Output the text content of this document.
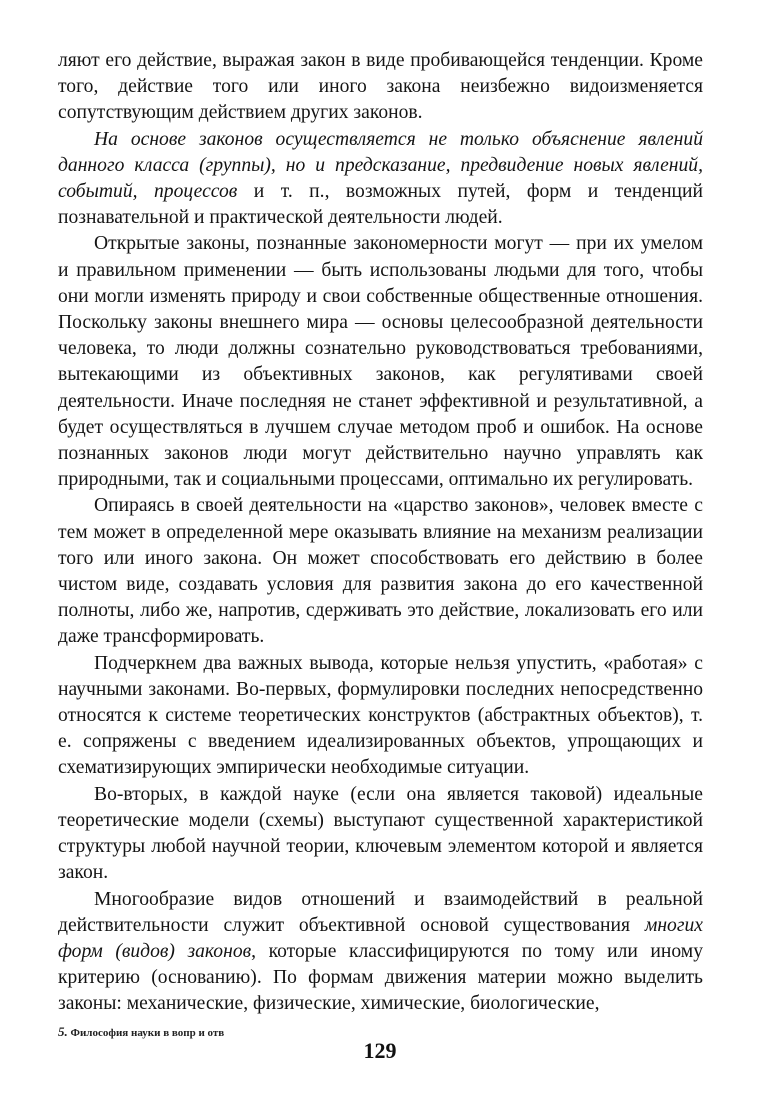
ляют его действие, выражая закон в виде пробивающейся тенденции. Кроме того, действие того или иного закона неизбежно видоизменяется сопутствующим действием других законов.

На основе законов осуществляется не только объяснение явлений данного класса (группы), но и предсказание, предвидение новых явлений, событий, процессов и т. п., возможных путей, форм и тенденций познавательной и практической деятельности людей.

Открытые законы, познанные закономерности могут — при их умелом и правильном применении — быть использованы людьми для того, чтобы они могли изменять природу и свои собственные общественные отношения. Поскольку законы внешнего мира — основы целесообразной деятельности человека, то люди должны сознательно руководствоваться требованиями, вытекающими из объективных законов, как регулятивами своей деятельности. Иначе последняя не станет эффективной и результативной, а будет осуществляться в лучшем случае методом проб и ошибок. На основе познанных законов люди могут действительно научно управлять как природными, так и социальными процессами, оптимально их регулировать.

Опираясь в своей деятельности на «царство законов», человек вместе с тем может в определенной мере оказывать влияние на механизм реализации того или иного закона. Он может способствовать его действию в более чистом виде, создавать условия для развития закона до его качественной полноты, либо же, напротив, сдерживать это действие, локализовать его или даже трансформировать.

Подчеркнем два важных вывода, которые нельзя упустить, «работая» с научными законами. Во-первых, формулировки последних непосредственно относятся к системе теоретических конструктов (абстрактных объектов), т. е. сопряжены с введением идеализированных объектов, упрощающих и схематизирующих эмпирически необходимые ситуации.

Во-вторых, в каждой науке (если она является таковой) идеальные теоретические модели (схемы) выступают существенной характеристикой структуры любой научной теории, ключевым элементом которой и является закон.

Многообразие видов отношений и взаимодействий в реальной действительности служит объективной основой существования многих форм (видов) законов, которые классифицируются по тому или иному критерию (основанию). По формам движения материи можно выделить законы: механические, физические, химические, биологические,

5. Философия науки в вопр и отв
129
